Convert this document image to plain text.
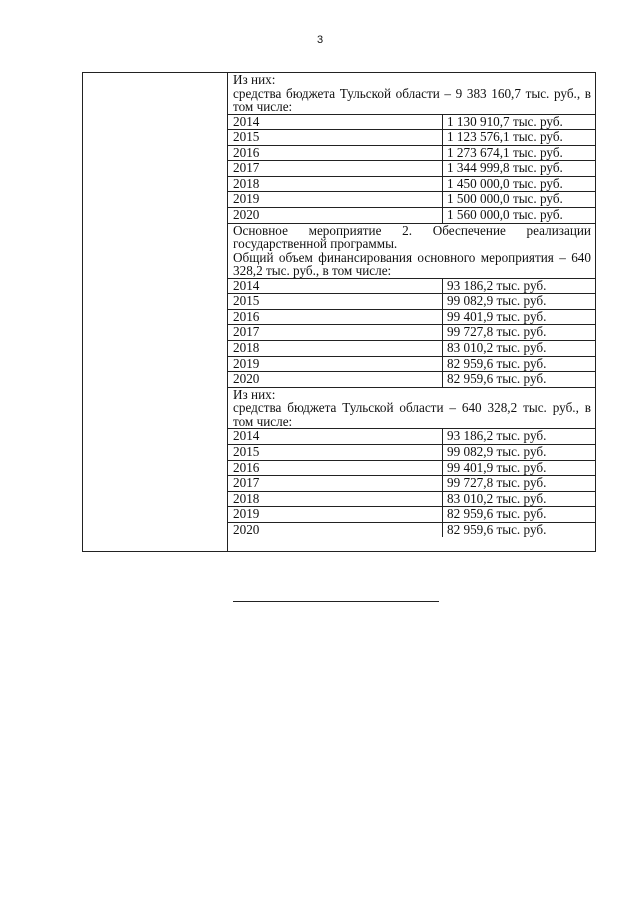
3
Из них:
средства бюджета Тульской области – 9 383 160,7 тыс. руб., в том числе:
2014	1 130 910,7 тыс. руб.
2015	1 123 576,1 тыс. руб.
2016	1 273 674,1 тыс. руб.
2017	1 344 999,8 тыс. руб.
2018	1 450 000,0 тыс. руб.
2019	1 500 000,0 тыс. руб.
2020	1 560 000,0 тыс. руб.
Основное мероприятие 2. Обеспечение реализации государственной программы.
Общий объем финансирования основного мероприятия – 640 328,2 тыс. руб., в том числе:
2014	93 186,2 тыс. руб.
2015	99 082,9 тыс. руб.
2016	99 401,9 тыс. руб.
2017	99 727,8 тыс. руб.
2018	83 010,2 тыс. руб.
2019	82 959,6 тыс. руб.
2020	82 959,6 тыс. руб.
Из них:
средства бюджета Тульской области – 640 328,2 тыс. руб., в том числе:
2014	93 186,2 тыс. руб.
2015	99 082,9 тыс. руб.
2016	99 401,9 тыс. руб.
2017	99 727,8 тыс. руб.
2018	83 010,2 тыс. руб.
2019	82 959,6 тыс. руб.
2020	82 959,6 тыс. руб.
